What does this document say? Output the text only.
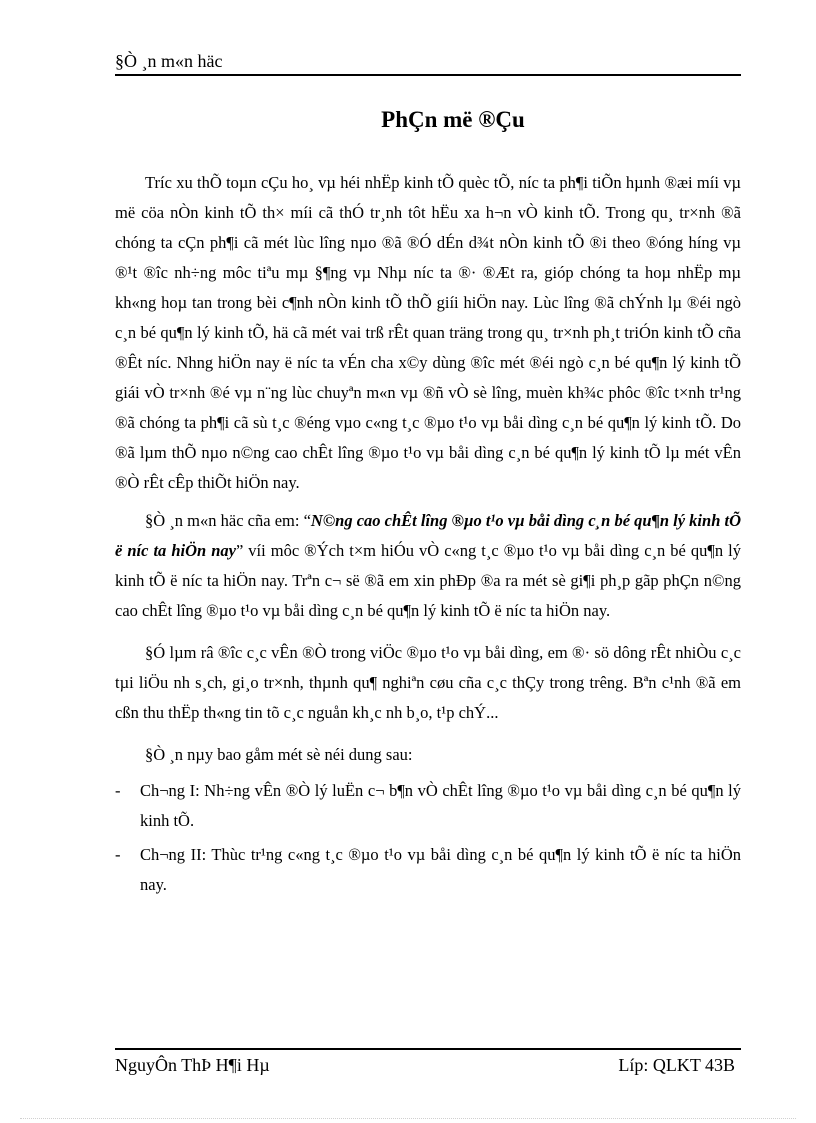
§Ò ¸n m«n häc
PhÇn më ®Çu

Tríc xu thÕ toµn cÇu ho¸ vµ héi nhËp kinh tÕ quèc tÕ, níc ta ph¶i tiÕn hµnh ®æi míi vµ më cöa nÒn kinh tÕ th× míi cã thÓ tr¸nh tôt hËu xa h¬n vÒ kinh tÕ. Trong qu¸ tr×nh ®ã chóng ta cÇn ph¶i cã mét lùc lîng nµo ®ã ®Ó dÉn d¾t nÒn kinh tÕ ®i theo ®óng híng vµ ®¹t ®îc nh÷ng môc tiªu mµ §¶ng vµ Nhµ níc ta ®· ®Æt ra, gióp chóng ta hoµ nhËp mµ kh«ng hoµ tan trong bèi c¶nh nÒn kinh tÕ thÕ giíi hiÖn nay. Lùc lîng ®ã chÝnh lµ ®éi ngò c¸n bé qu¶n lý kinh tÕ, hä cã mét vai trß rÊt quan träng trong qu¸ tr×nh ph¸t triÓn kinh tÕ cña ®Êt níc. Nhng hiÖn nay ë níc ta vÉn cha x©y dùng ®îc mét ®éi ngò c¸n bé qu¶n lý kinh tÕ giái vÒ tr×nh ®é vµ n¨ng lùc chuyªn m«n vµ ®ñ vÒ sè lîng, muèn kh¾c phôc ®îc t×nh tr¹ng ®ã chóng ta ph¶i cã sù t¸c ®éng vµo c«ng t¸c ®µo t¹o vµ båi dìng c¸n bé qu¶n lý kinh tÕ. Do ®ã lµm thÕ nµo n©ng cao chÊt lîng ®µo t¹o vµ båi dìng c¸n bé qu¶n lý kinh tÕ lµ mét vÊn ®Ò rÊt cÊp thiÕt hiÖn nay.

§Ò ¸n m«n häc cña em: “N©ng cao chÊt lîng ®µo t¹o vµ båi dìng c¸n bé qu¶n lý kinh tÕ ë níc ta hiÖn nay” víi môc ®Ých t×m hiÓu vÒ c«ng t¸c ®µo t¹o vµ båi dìng c¸n bé qu¶n lý kinh tÕ ë níc ta hiÖn nay. Trªn c¬ së ®ã em xin phÐp ®a ra mét sè gi¶i ph¸p gãp phÇn n©ng cao chÊt lîng ®µo t¹o vµ båi dìng c¸n bé qu¶n lý kinh tÕ ë níc ta hiÖn nay.

§Ó lµm râ ®îc c¸c vÊn ®Ò trong viÖc ®µo t¹o vµ båi dìng, em ®· sö dông rÊt nhiÒu c¸c tµi liÖu nh s¸ch, gi¸o tr×nh, thµnh qu¶ nghiªn cøu cña c¸c thÇy trong trêng. Bªn c¹nh ®ã em cßn thu thËp th«ng tin tõ c¸c nguån kh¸c nh b¸o, t¹p chÝ...

§Ò ¸n nµy bao gåm mét sè néi dung sau:

- Ch¬ng I: Nh÷ng vÊn ®Ò lý luËn c¬ b¶n vÒ chÊt lîng ®µo t¹o vµ båi dìng c¸n bé qu¶n lý kinh tÕ.
- Ch¬ng II: Thùc tr¹ng c«ng t¸c ®µo t¹o vµ båi dìng c¸n bé qu¶n lý kinh tÕ ë níc ta hiÖn nay.
NguyÔn ThÞ H¶i Hµ	Líp: QLKT 43B
